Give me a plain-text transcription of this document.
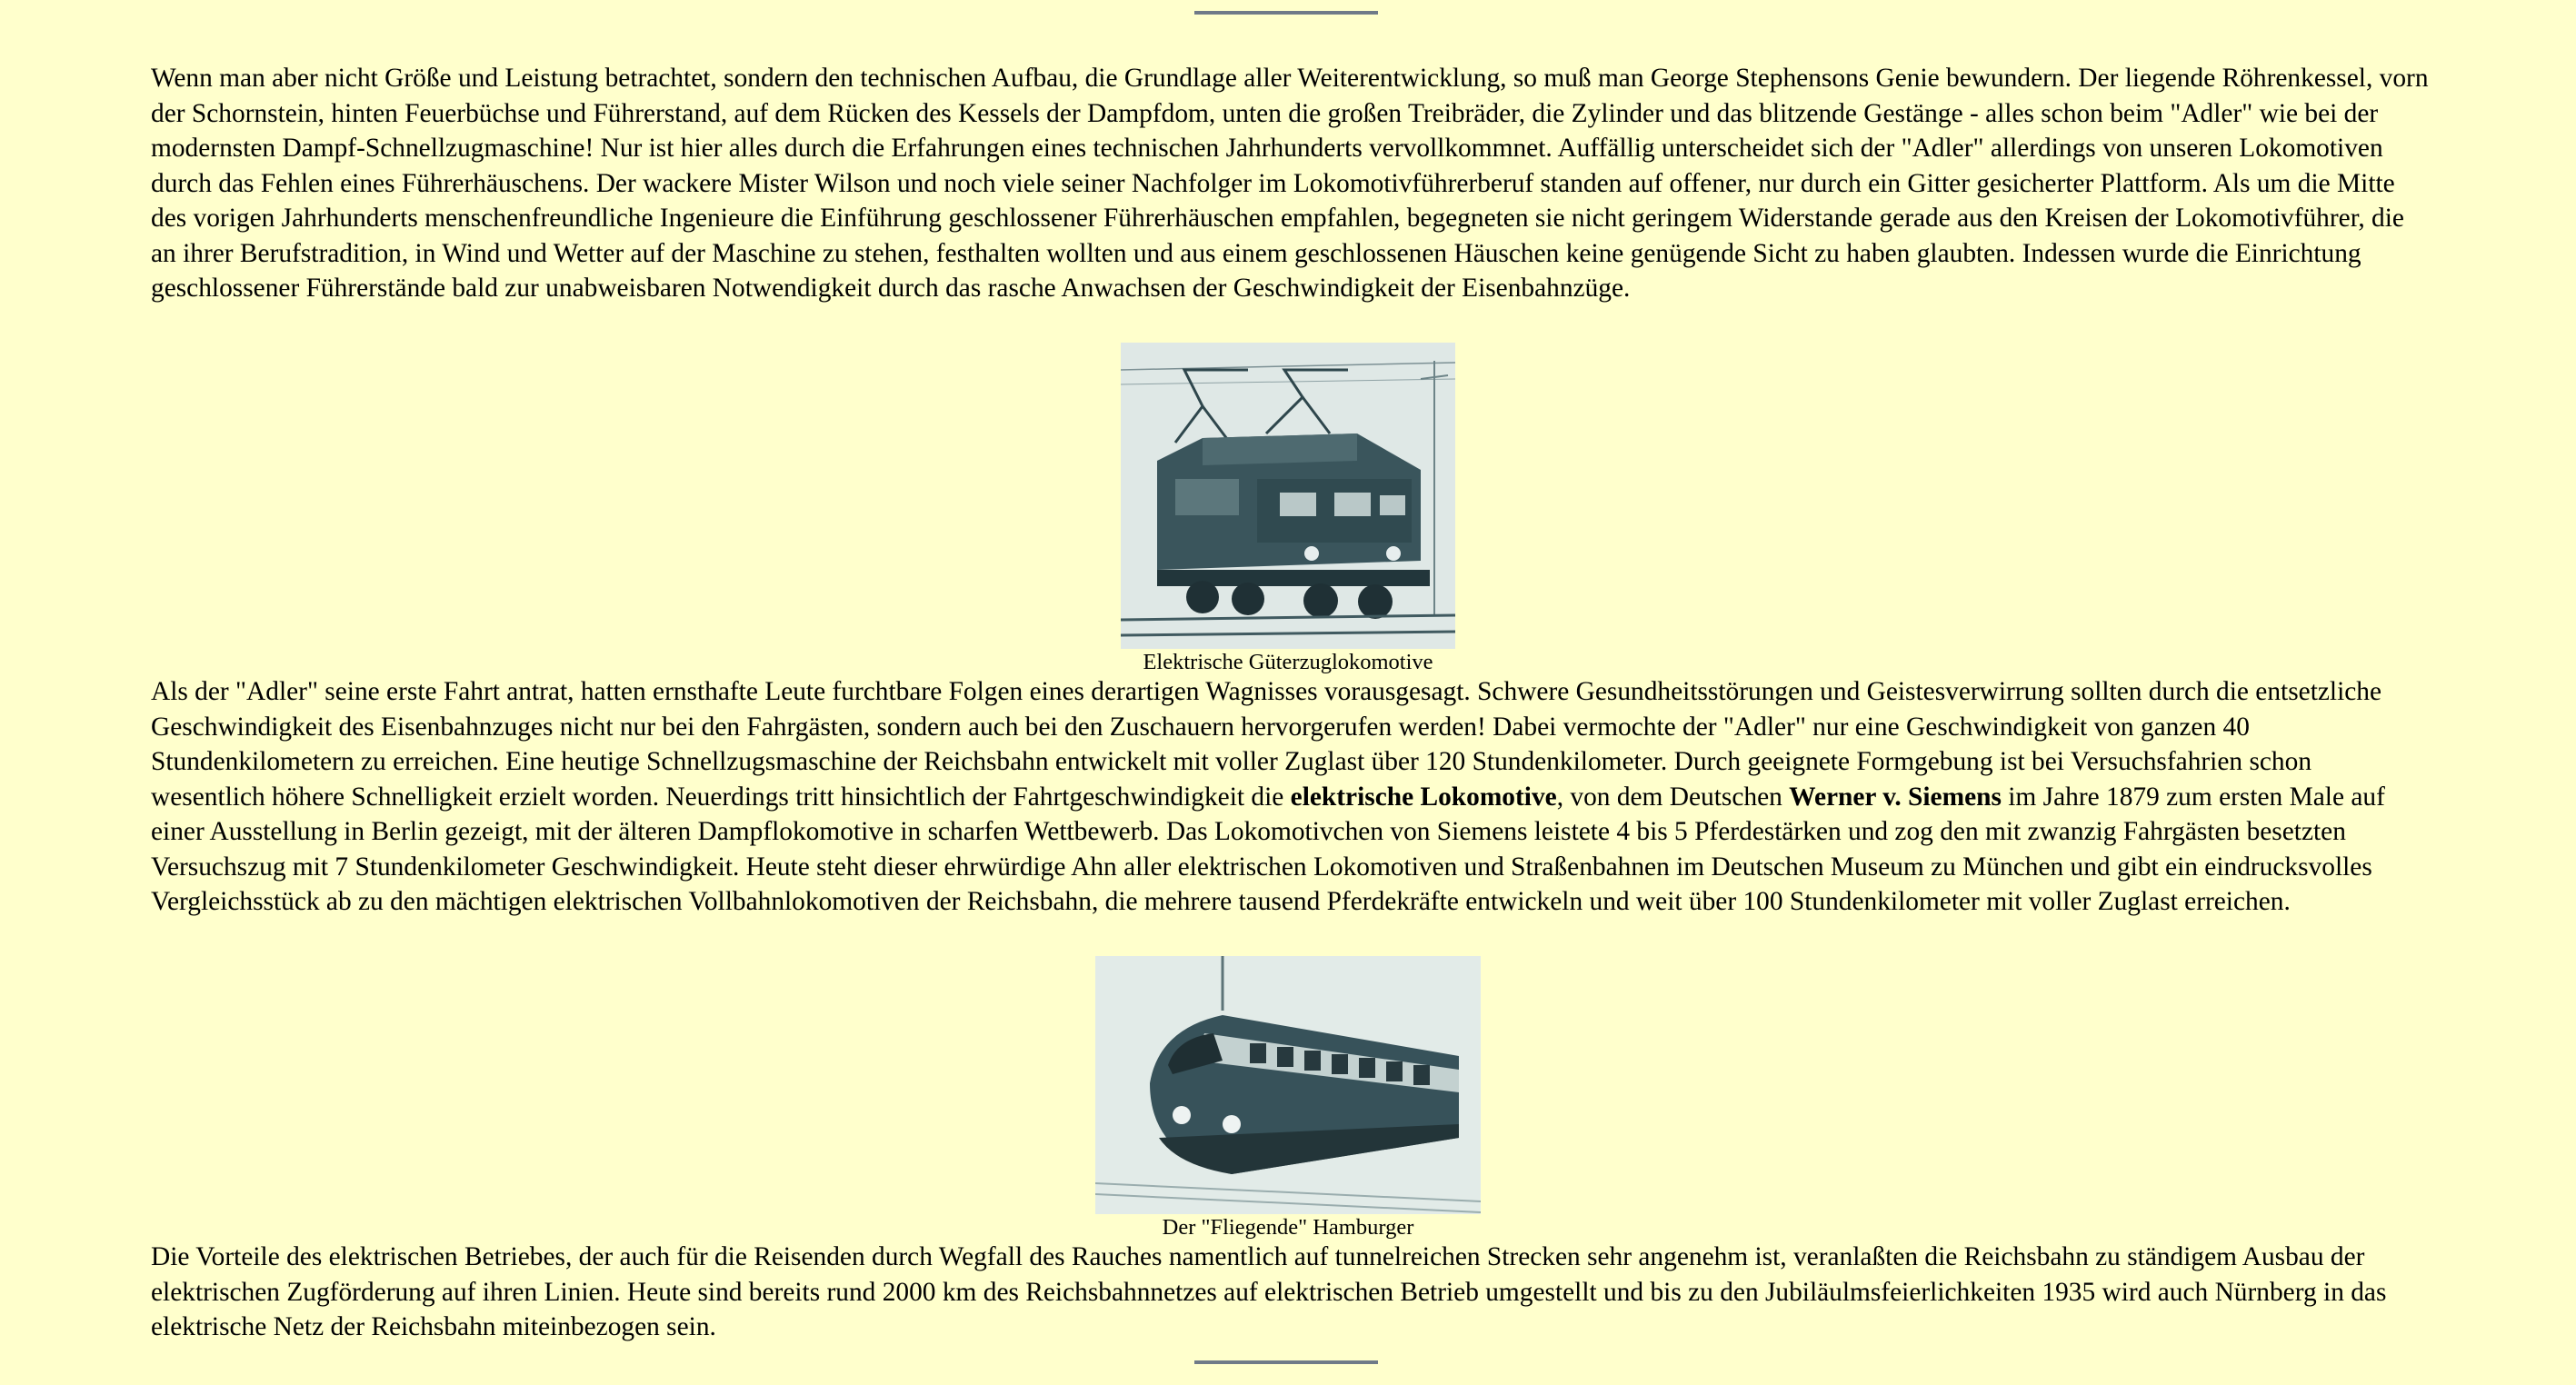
Wenn man aber nicht Größe und Leistung betrachtet, sondern den technischen Aufbau, die Grundlage aller Weiterentwicklung, so muß man George Stephensons Genie bewundern. Der liegende Röhrenkessel, vorn der Schornstein, hinten Feuerbüchse und Führerstand, auf dem Rücken des Kessels der Dampfdom, unten die großen Treibräder, die Zylinder und das blitzende Gestänge - alles schon beim "Adler" wie bei der modernsten Dampf-Schnellzugmaschine! Nur ist hier alles durch die Erfahrungen eines technischen Jahrhunderts vervollkommnet. Auffällig unterscheidet sich der "Adler" allerdings von unseren Lokomotiven durch das Fehlen eines Führerhäuschens. Der wackere Mister Wilson und noch viele seiner Nachfolger im Lokomotivführerberuf standen auf offener, nur durch ein Gitter gesicherter Plattform. Als um die Mitte des vorigen Jahrhunderts menschenfreundliche Ingenieure die Einführung geschlossener Führerhäuschen empfahlen, begegneten sie nicht geringem Widerstande gerade aus den Kreisen der Lokomotivführer, die an ihrer Berufstradition, in Wind und Wetter auf der Maschine zu stehen, festhalten wollten und aus einem geschlossenen Häuschen keine genügende Sicht zu haben glaubten. Indessen wurde die Einrichtung geschlossener Führerstände bald zur unabweisbaren Notwendigkeit durch das rasche Anwachsen der Geschwindigkeit der Eisenbahnzüge.

Elektrische Güterzuglokomotive

Als der "Adler" seine erste Fahrt antrat, hatten ernsthafte Leute furchtbare Folgen eines derartigen Wagnisses vorausgesagt. Schwere Gesundheitsstörungen und Geistesverwirrung sollten durch die entsetzliche Geschwindigkeit des Eisenbahnzuges nicht nur bei den Fahrgästen, sondern auch bei den Zuschauern hervorgerufen werden! Dabei vermochte der "Adler" nur eine Geschwindigkeit von ganzen 40 Stundenkilometern zu erreichen. Eine heutige Schnellzugsmaschine der Reichsbahn entwickelt mit voller Zuglast über 120 Stundenkilometer. Durch geeignete Formgebung ist bei Versuchsfahrien schon wesentlich höhere Schnelligkeit erzielt worden. Neuerdings tritt hinsichtlich der Fahrtgeschwindigkeit die elektrische Lokomotive, von dem Deutschen Werner v. Siemens im Jahre 1879 zum ersten Male auf einer Ausstellung in Berlin gezeigt, mit der älteren Dampflokomotive in scharfen Wettbewerb. Das Lokomotivchen von Siemens leistete 4 bis 5 Pferdestärken und zog den mit zwanzig Fahrgästen besetzten Versuchszug mit 7 Stundenkilometer Geschwindigkeit. Heute steht dieser ehrwürdige Ahn aller elektrischen Lokomotiven und Straßenbahnen im Deutschen Museum zu München und gibt ein eindrucksvolles Vergleichsstück ab zu den mächtigen elektrischen Vollbahnlokomotiven der Reichsbahn, die mehrere tausend Pferdekräfte entwickeln und weit über 100 Stundenkilometer mit voller Zuglast erreichen.

Der "Fliegende" Hamburger

Die Vorteile des elektrischen Betriebes, der auch für die Reisenden durch Wegfall des Rauches namentlich auf tunnelreichen Strecken sehr angenehm ist, veranlaßten die Reichsbahn zu ständigem Ausbau der elektrischen Zugförderung auf ihren Linien. Heute sind bereits rund 2000 km des Reichsbahnnetzes auf elektrischen Betrieb umgestellt und bis zu den Jubiläulmsfeierlichkeiten 1935 wird auch Nürnberg in das elektrische Netz der Reichsbahn miteinbezogen sein.
